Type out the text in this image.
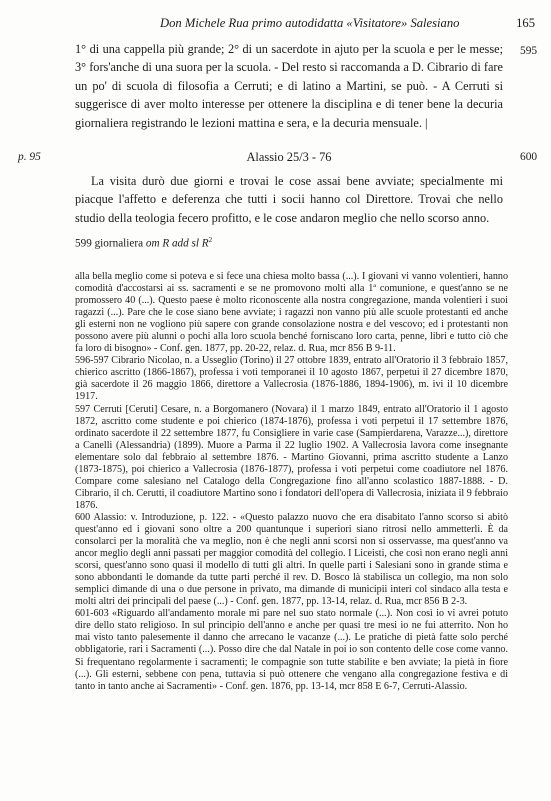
Don Michele Rua primo autodidatta «Visitatore» Salesiano	165

1° di una cappella più grande; 2° di un sacerdote in ajuto per la scuola e per le messe; 3° fors'anche di una suora per la scuola. - Del resto si raccomanda a D. Cibrario di fare un po' di scuola di filosofia a Cerruti; e di latino a Martini, se può. - A Cerruti si suggerisce di aver molto interesse per ottenere la disciplina e di tener bene la decuria giornaliera registrando le lezioni mattina e sera, e la decuria mensuale. |

595
p. 95	600
Alassio 25/3 - 76

La visita durò due giorni e trovai le cose assai bene avviate; specialmente mi piacque l'affetto e deferenza che tutti i socii hanno col Direttore. Trovai che nello studio della teologia fecero profitto, e le cose andaron meglio che nello scorso anno.

599 giornaliera om R add sl $R^2$

alla bella meglio come si poteva e si fece una chiesa molto bassa (...). I giovani vi vanno volentieri, hanno comodità d'accostarsi ai ss. sacramenti e se ne promovono molti alla 1ª comunione, e quest'anno se ne promossero 40 (...). Questo paese è molto riconoscente alla nostra congregazione, manda volentieri i suoi ragazzi (...). Pare che le cose siano bene avviate; i ragazzi non vanno più alle scuole protestanti ed anche gli esterni non ne vogliono più sapere con grande consolazione nostra e del vescovo; ed i protestanti non possono avere più alunni o pochi alla loro scuola benché forniscano loro carta, penne, libri e tutto ciò che fa loro di bisogno» - Conf. gen. 1877, pp. 20-22, relaz. d. Rua, mcr 856 B 9-11.

596-597 Cibrario Nicolao, n. a Usseglio (Torino) il 27 ottobre 1839, entrato all'Oratorio il 3 febbraio 1857, chierico ascritto (1866-1867), professa i voti temporanei il 10 agosto 1867, perpetui il 27 dicembre 1870, già sacerdote il 26 maggio 1866, direttore a Vallecrosia (1876-1886, 1894-1906), m. ivi il 10 dicembre 1917.

597 Cerruti [Ceruti] Cesare, n. a Borgomanero (Novara) il 1 marzo 1849, entrato all'Oratorio il 1 agosto 1872, ascritto come studente e poi chierico (1874-1876), professa i voti perpetui il 17 settembre 1876, ordinato sacerdote il 22 settembre 1877, fu Consigliere in varie case (Sampierdarena, Varazze...), direttore a Canelli (Alessandria) (1899). Muore a Parma il 22 luglio 1902. A Vallecrosia lavora come insegnante elementare solo dal febbraio al settembre 1876. - Martino Giovanni, prima ascritto studente a Lanzo (1873-1875), poi chierico a Vallecrosia (1876-1877), professa i voti perpetui come coadiutore nel 1876. Compare come salesiano nel Catalogo della Congregazione fino all'anno scolastico 1887-1888. - D. Cibrario, il ch. Cerutti, il coadiutore Martino sono i fondatori dell'opera di Vallecrosia, iniziata il 9 febbraio 1876.

600 Alassio: v. Introduzione, p. 122. - «Questo palazzo nuovo che era disabitato l'anno scorso si abitò quest'anno ed i giovani sono oltre a 200 quantunque i superiori siano ritrosi nello ammetterli. È da consolarci per la moralità che va meglio, non è che negli anni scorsi non si osservasse, ma quest'anno va ancor meglio degli anni passati per maggior comodità del collegio. I Liceisti, che così non erano negli anni scorsi, quest'anno sono quasi il modello di tutti gli altri. In quelle parti i Salesiani sono in grande stima e sono abbondanti le domande da tutte parti perché il rev. D. Bosco là stabilisca un collegio, ma non solo semplici dimande di una o due persone in privato, ma dimande di municipii interi col sindaco alla testa e molti altri dei principali del paese (...) - Conf. gen. 1877, pp. 13-14, relaz. d. Rua, mcr 856 B 2-3.

601-603 «Riguardo all'andamento morale mi pare nel suo stato normale (...). Non così io vi avrei potuto dire dello stato religioso. In sul principio dell'anno e anche per quasi tre mesi io ne fui atterrito. Non ho mai visto tanto palesemente il danno che arrecano le vacanze (...). Le pratiche di pietà fatte solo perché obbligatorie, rari i Sacramenti (...). Posso dire che dal Natale in poi io son contento delle cose come vanno. Si frequentano regolarmente i sacramenti; le compagnie son tutte stabilite e ben avviate; la pietà in fiore (...). Gli esterni, sebbene con pena, tuttavia si può ottenere che vengano alla congregazione festiva e di tanto in tanto anche ai Sacramenti» - Conf. gen. 1876, pp. 13-14, mcr 858 E 6-7, Cerruti-Alassio.
